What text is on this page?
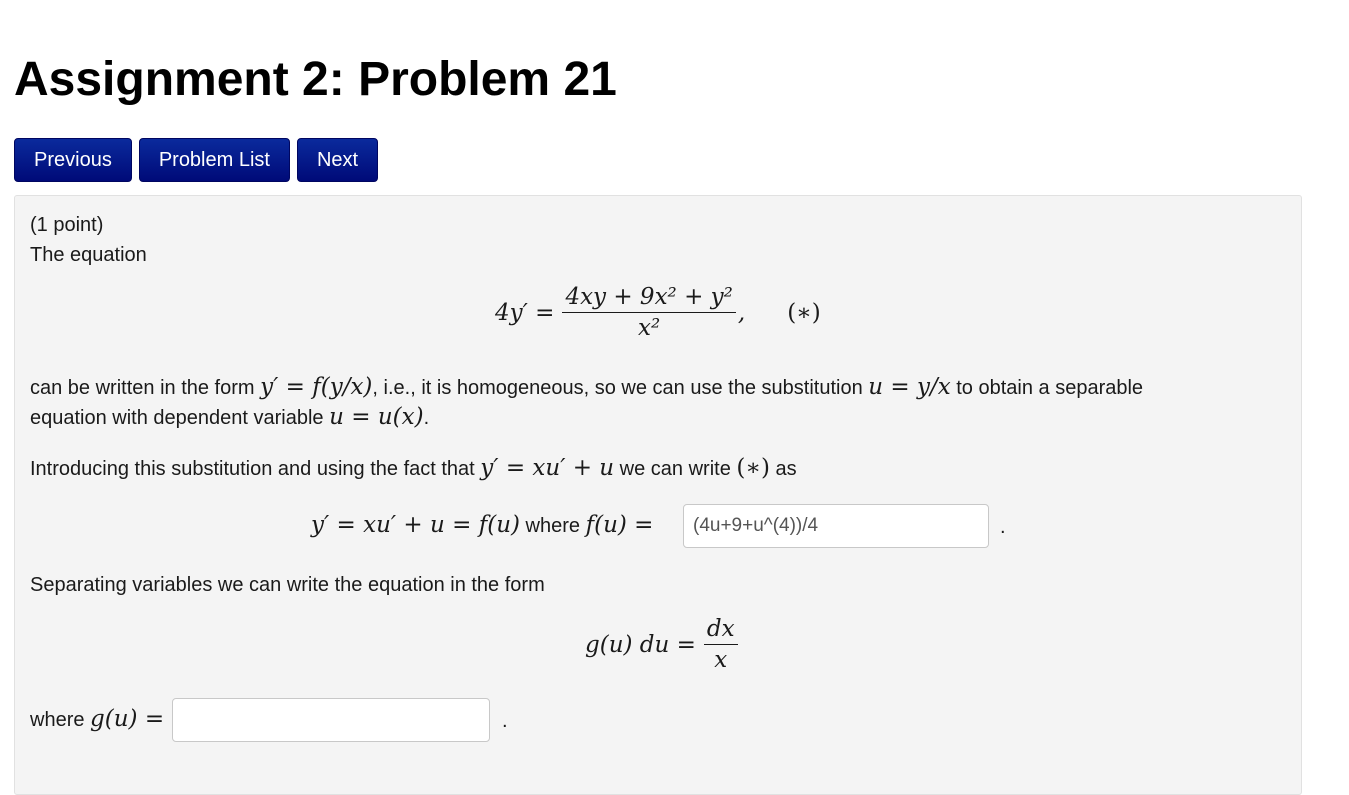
Assignment 2: Problem 21
Previous	Problem List	Next
(1 point)
The equation
$4y' = \frac{\text{4xy + 9x² + y²}}{\text{x²}}$ , (∗)
can be written in the form y′ = f(y/x), i.e., it is homogeneous, so we can use the substitution u = y/x to obtain a separable
equation with dependent variable u = u(x).
Introducing this substitution and using the fact that y′ = xu′ + u we can write (∗) as
y′ = xu′ + u = f(u) where f(u) =
(4u+9+u^(4))/4	.
Separating variables we can write the equation in the form
g(u) du = $\frac{dx}{x}$
where g(u) =	.
